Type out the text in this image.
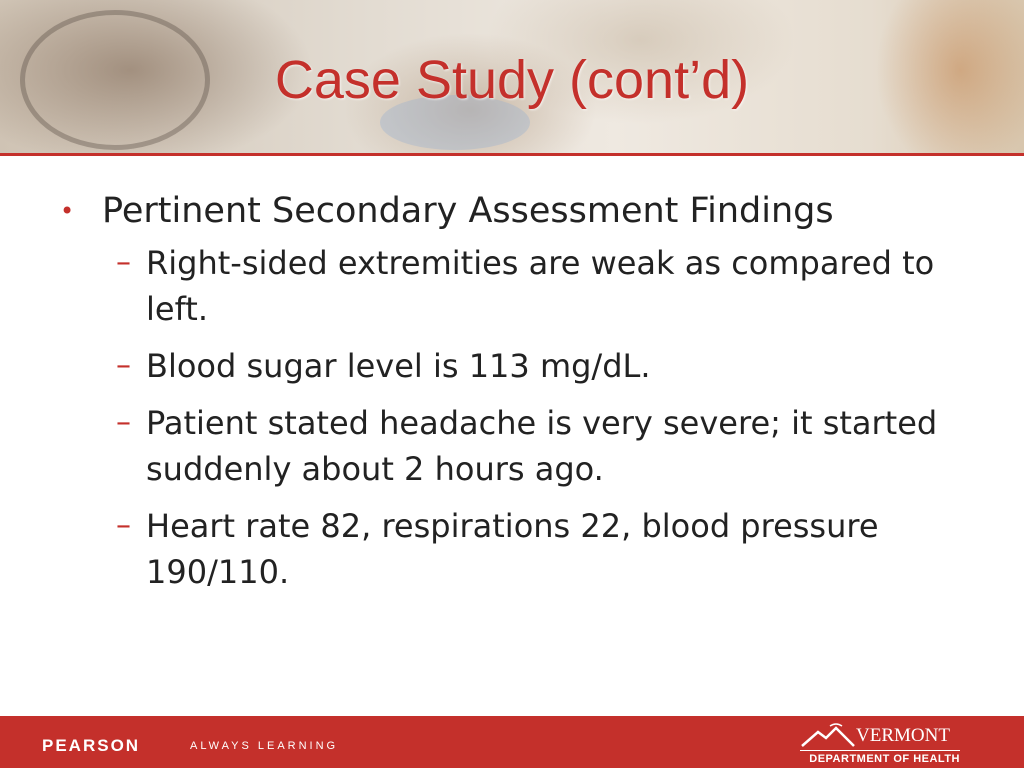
Case Study (cont’d)
• Pertinent Secondary Assessment Findings
– Right-sided extremities are weak as compared to left.
– Blood sugar level is 113 mg/dL.
– Patient stated headache is very severe; it started suddenly about 2 hours ago.
– Heart rate 82, respirations 22, blood pressure 190/110.
PEARSON	ALWAYS LEARNING	VERMONT
DEPARTMENT OF HEALTH
